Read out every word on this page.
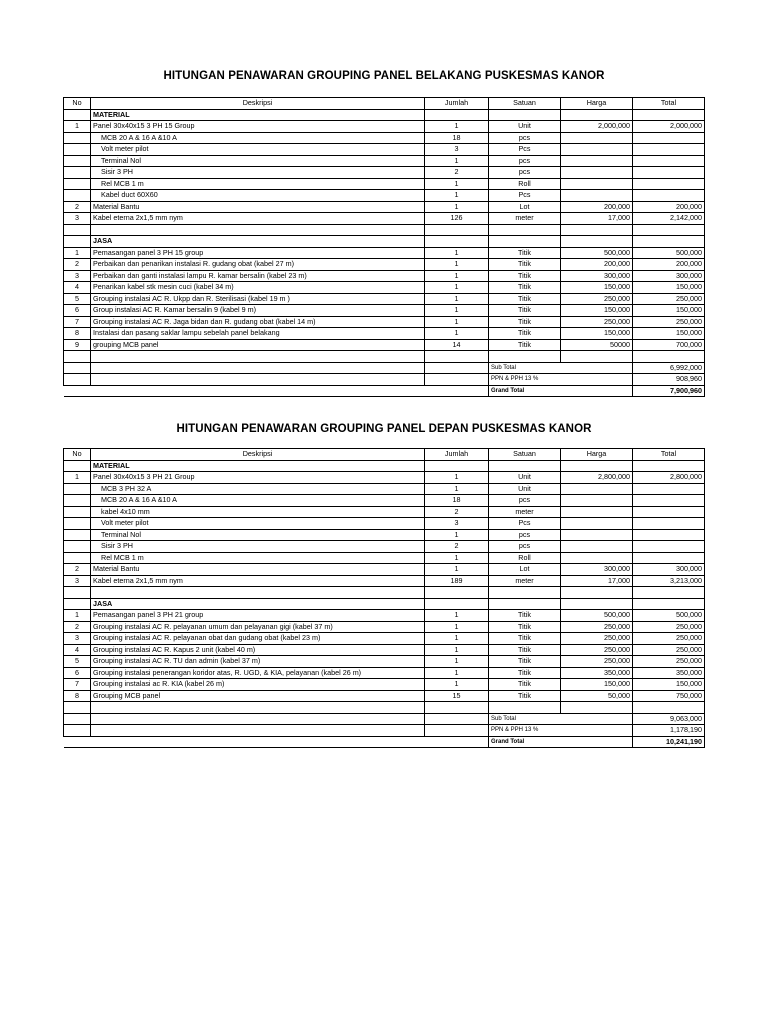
HITUNGAN PENAWARAN GROUPING PANEL BELAKANG PUSKESMAS KANOR
No	Deskripsi	Jumlah	Satuan	Harga	Total
	MATERIAL				
1	Panel 30x40x15 3 PH 15 Group	1	Unit	2,000,000	2,000,000
	MCB 20 A & 16 A &10 A	18	pcs		
	Volt meter pilot	3	Pcs		
	Terminal Nol	1	pcs		
	Sisir 3 PH	2	pcs		
	Rel MCB 1 m	1	Roll		
	Kabel duct 60X60	1	Pcs		
2	Material Bantu	1	Lot	200,000	200,000
3	Kabel eterna 2x1,5 mm nym	126	meter	17,000	2,142,000

	JASA				
1	Pemasangan panel 3 PH 15 group	1	Titik	500,000	500,000
2	Perbaikan dan penarikan instalasi R. gudang obat (kabel 27 m)	1	Titik	200,000	200,000
3	Perbaikan dan ganti instalasi lampu R. kamar bersalin (kabel 23 m)	1	Titik	300,000	300,000
4	Penarikan kabel stk mesin cuci (kabel 34 m)	1	Titik	150,000	150,000
5	Grouping instalasi AC R. Ukpp dan R. Sterilisasi (kabel 19 m )	1	Titik	250,000	250,000
6	Group instalasi AC R. Kamar bersalin 9 (kabel 9 m)	1	Titik	150,000	150,000
7	Grouping instalasi AC R. Jaga bidan dan R. gudang obat (kabel 14 m)	1	Titik	250,000	250,000
8	Instalasi dan pasang saklar lampu sebelah panel belakang	1	Titik	150,000	150,000
9	grouping MCB panel	14	Titik	50000	700,000

			Sub Total		6,992,000
			PPN & PPH 13 %		908,960
			Grand Total		7,900,960
HITUNGAN PENAWARAN GROUPING PANEL DEPAN PUSKESMAS KANOR
No	Deskripsi	Jumlah	Satuan	Harga	Total
	MATERIAL				
1	Panel 30x40x15 3 PH 21 Group	1	Unit	2,800,000	2,800,000
	MCB 3 PH 32 A	1	Unit		
	MCB 20 A & 16 A &10 A	18	pcs		
	kabel 4x10 mm	2	meter		
	Volt meter pilot	3	Pcs		
	Terminal Nol	1	pcs		
	Sisir 3 PH	2	pcs		
	Rel MCB 1 m	1	Roll		
2	Material Bantu	1	Lot	300,000	300,000
3	Kabel eterna 2x1,5 mm nym	189	meter	17,000	3,213,000

	JASA				
1	Pemasangan panel 3 PH 21 group	1	Titik	500,000	500,000
2	Grouping instalasi AC R. pelayanan umum dan pelayanan gigi (kabel 37 m)	1	Titik	250,000	250,000
3	Grouping instalasi AC R. pelayanan obat dan gudang obat (kabel 23 m)	1	Titik	250,000	250,000
4	Grouping instalasi AC R. Kapus 2 unit (kabel 40 m)	1	Titik	250,000	250,000
5	Grouping instalasi AC R. TU dan admin (kabel 37 m)	1	Titik	250,000	250,000
6	Grouping instalasi penerangan koridor atas, R. UGD, & KIA, pelayanan (kabel 26 m)	1	Titik	350,000	350,000
7	Grouping instalasi ac R. KIA (kabel 26 m)	1	Titik	150,000	150,000
8	Grouping MCB panel	15	Titik	50,000	750,000

			Sub Total		9,063,000
			PPN & PPH 13 %		1,178,190
			Grand Total		10,241,190
